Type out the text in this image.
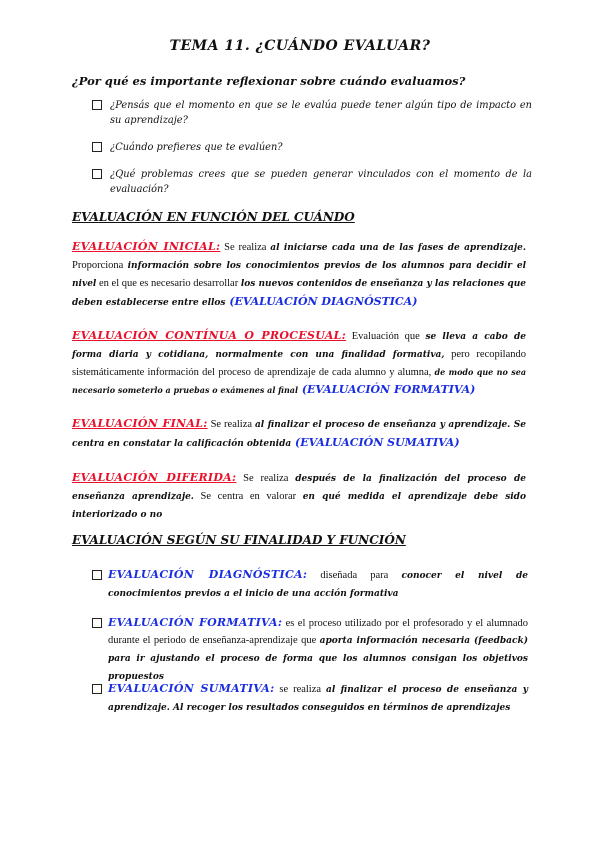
TEMA 11. ¿CUÁNDO EVALUAR?
¿Por qué es importante reflexionar sobre cuándo evaluamos?
¿Pensás que el momento en que se le evalúa puede tener algún tipo de impacto en su aprendizaje?
¿Cuándo prefieres que te evalúen?
¿Qué problemas crees que se pueden generar vinculados con el momento de la evaluación?
EVALUACIÓN EN FUNCIÓN DEL CUÁNDO
EVALUACIÓN INICIAL: Se realiza al iniciarse cada una de las fases de aprendizaje. Proporciona información sobre los conocimientos previos de los alumnos para decidir el nivel en el que es necesario desarrollar los nuevos contenidos de enseñanza y las relaciones que deben establecerse entre ellos (EVALUACIÓN DIAGNÓSTICA)
EVALUACIÓN CONTÍNUA O PROCESUAL: Evaluación que se lleva a cabo de forma diaria y cotidiana, normalmente con una finalidad formativa, pero recopilando sistemáticamente información del proceso de aprendizaje de cada alumno y alumna, de modo que no sea necesario someterlo a pruebas o exámenes al final (EVALUACIÓN FORMATIVA)
EVALUACIÓN FINAL: Se realiza al finalizar el proceso de enseñanza y aprendizaje. Se centra en constatar la calificación obtenida (EVALUACIÓN SUMATIVA)
EVALUACIÓN DIFERIDA: Se realiza después de la finalización del proceso de enseñanza aprendizaje. Se centra en valorar en qué medida el aprendizaje debe sido interiorizado o no
EVALUACIÓN SEGÚN SU FINALIDAD Y FUNCIÓN
EVALUACIÓN DIAGNÓSTICA: diseñada para conocer el nivel de conocimientos previos a el inicio de una acción formativa
EVALUACIÓN FORMATIVA: es el proceso utilizado por el profesorado y el alumnado durante el periodo de enseñanza-aprendizaje que aporta información necesaria (feedback) para ir ajustando el proceso de forma que los alumnos consigan los objetivos propuestos
EVALUACIÓN SUMATIVA: se realiza al finalizar el proceso de enseñanza y aprendizaje. Al recoger los resultados conseguidos en términos de aprendizajes
